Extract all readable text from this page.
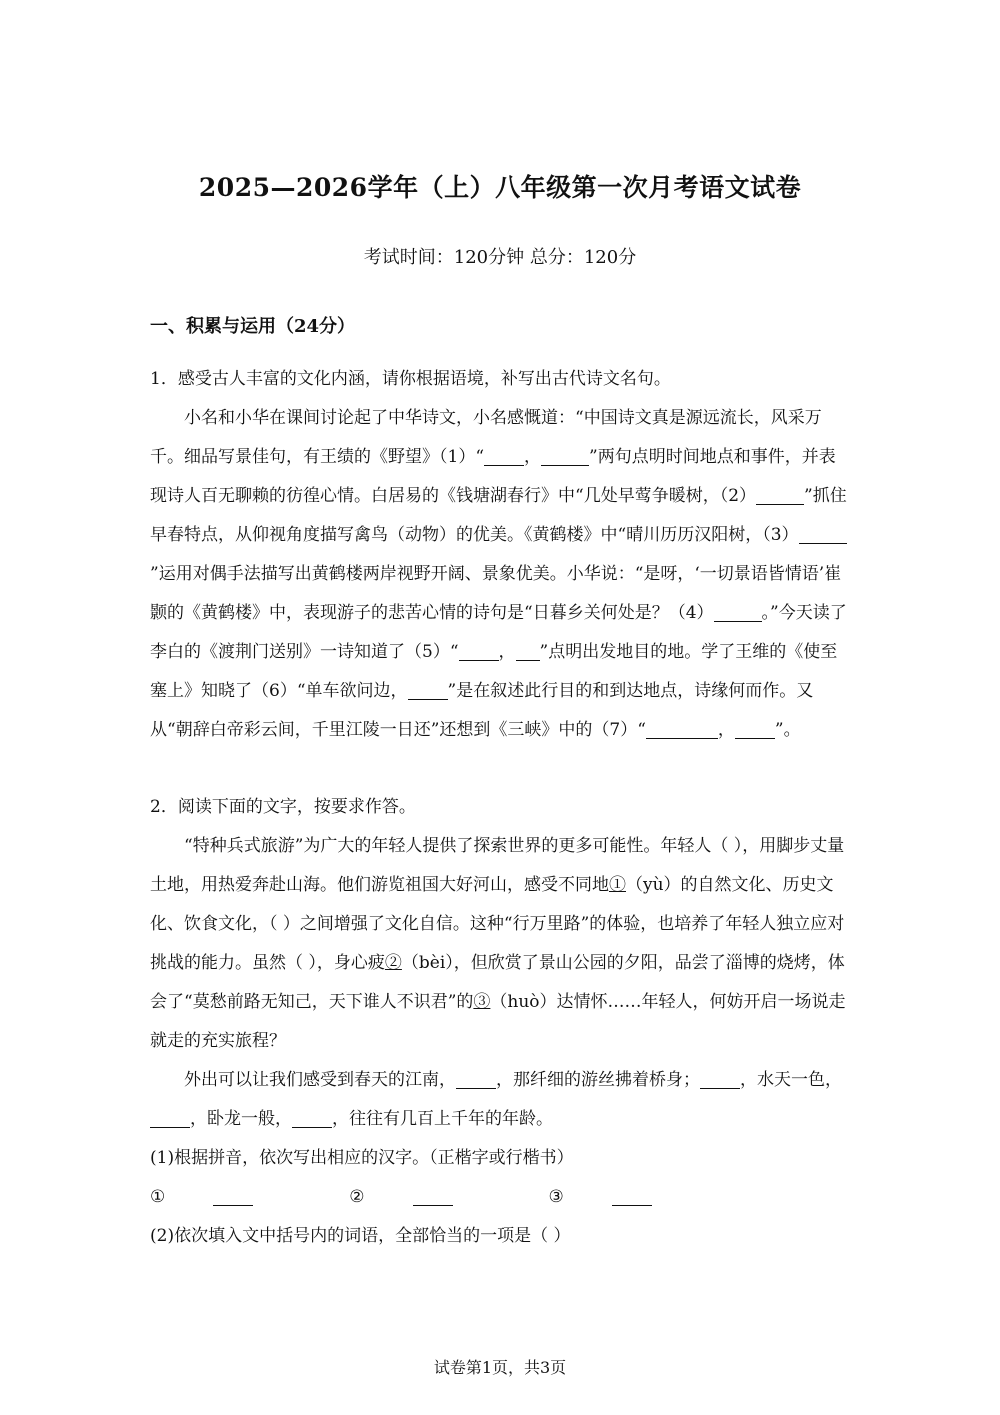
2025—2026学年（上）八年级第一次月考语文试卷
考试时间：120分钟 总分：120分
一、积累与运用（24分）

1．感受古人丰富的文化内涵，请你根据语境，补写出古代诗文名句。

小名和小华在课间讨论起了中华诗文，小名感慨道：“中国诗文真是源远流长，风采万千。细品写景佳句，有王绩的《野望》（1）“ ，	”两句点明时间地点和事件，并表现诗人百无聊赖的彷徨心情。白居易的《钱塘湖春行》中“几处早莺争暖树，（2）	”抓住早春特点，从仰视角度描写禽鸟（动物）的优美。《黄鹤楼》中“晴川历历汉阳树，（3）”运用对偶手法描写出黄鹤楼两岸视野开阔、景象优美。小华说：“是呀，‘一切景语皆情语’崔颢的《黄鹤楼》中，表现游子的悲苦心情的诗句是“日暮乡关何处是？（4）	。”今天读了李白的《渡荆门送别》一诗知道了（5）“ ， ”点明出发地目的地。学了王维的《使至塞上》知晓了（6）“单车欲问边， ”是在叙述此行目的和到达地点，诗缘何而作。又从“朝辞白帝彩云间，千里江陵一日还”还想到《三峡》中的（7）“	， ”。

2．阅读下面的文字，按要求作答。

“特种兵式旅游”为广大的年轻人提供了探索世界的更多可能性。年轻人（ ），用脚步丈量土地，用热爱奔赴山海。他们游览祖国大好河山，感受不同地①（yù）的自然文化、历史文化、饮食文化，（ ）之间增强了文化自信。这种“行万里路”的体验，也培养了年轻人独立应对挑战的能力。虽然（ ），身心疲②（bèi），但欣赏了景山公园的夕阳，品尝了淄博的烧烤，体会了“莫愁前路无知己，天下谁人不识君”的③（huò）达情怀……年轻人，何妨开启一场说走就走的充实旅程？

外出可以让我们感受到春天的江南， ，那纤细的游丝拂着桥身； ，水天一色，，卧龙一般， ，往往有几百上千年的年龄。

(1)根据拼音，依次写出相应的汉字。（正楷字或行楷书）

①	②	③

(2)依次填入文中括号内的词语，全部恰当的一项是（ ）

试卷第1页，共3页
